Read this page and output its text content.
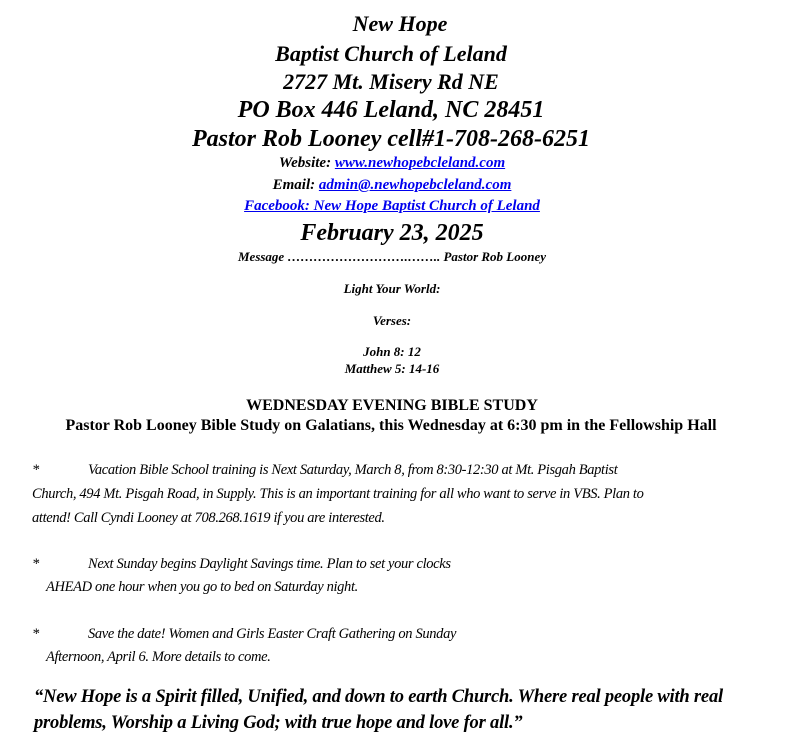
New Hope
Baptist Church of Leland
2727 Mt. Misery Rd NE
PO Box 446 Leland, NC 28451
Pastor Rob Looney cell#1-708-268-6251
Website: www.newhopebcleland.com
Email: admin@.newhopebcleland.com
Facebook: New Hope Baptist Church of Leland
February 23, 2025
Message ……………………….…….. Pastor Rob Looney
Light Your World:
Verses:
John 8: 12
Matthew 5: 14-16
WEDNESDAY EVENING BIBLE STUDY
Pastor Rob Looney Bible Study on Galatians, this Wednesday at 6:30 pm in the Fellowship Hall
*	Vacation Bible School training is Next Saturday, March 8, from 8:30-12:30 at Mt. Pisgah Baptist
Church, 494 Mt. Pisgah Road, in Supply. This is an important training for all who want to serve in VBS. Plan to
attend! Call Cyndi Looney at 708.268.1619 if you are interested.
*	Next Sunday begins Daylight Savings time. Plan to set your clocks
AHEAD one hour when you go to bed on Saturday night.
*	Save the date! Women and Girls Easter Craft Gathering on Sunday
Afternoon, April 6. More details to come.
“New Hope is a Spirit filled, Unified, and down to earth Church. Where real people with real
problems, Worship a Living God; with true hope and love for all.”
